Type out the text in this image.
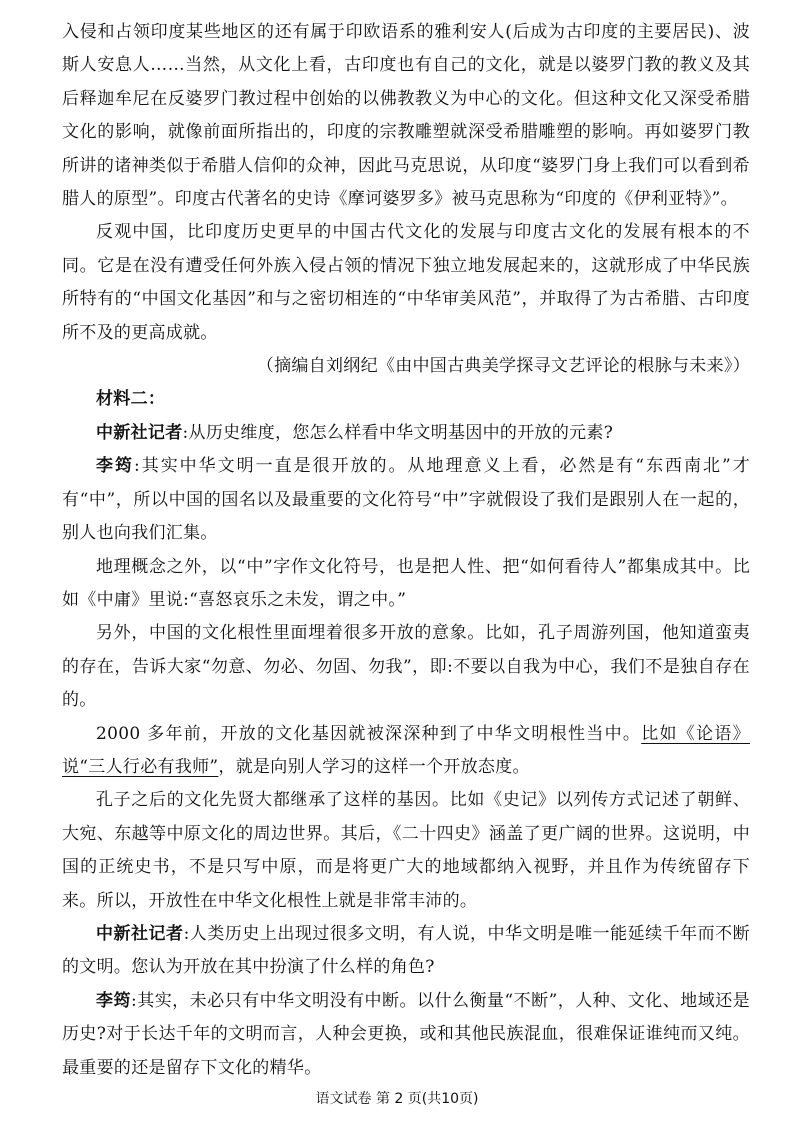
入侵和占领印度某些地区的还有属于印欧语系的雅利安人(后成为古印度的主要居民)、波斯人安息人……当然，从文化上看，古印度也有自己的文化，就是以婆罗门教的教义及其后释迦牟尼在反婆罗门教过程中创始的以佛教教义为中心的文化。但这种文化又深受希腊文化的影响，就像前面所指出的，印度的宗教雕塑就深受希腊雕塑的影响。再如婆罗门教所讲的诸神类似于希腊人信仰的众神，因此马克思说，从印度“婆罗门身上我们可以看到希腊人的原型”。印度古代著名的史诗《摩诃婆罗多》被马克思称为“印度的《伊利亚特》”。

反观中国，比印度历史更早的中国古代文化的发展与印度古文化的发展有根本的不同。它是在没有遭受任何外族入侵占领的情况下独立地发展起来的，这就形成了中华民族所特有的“中国文化基因”和与之密切相连的“中华审美风范”，并取得了为古希腊、古印度所不及的更高成就。

（摘编自刘纲纪《由中国古典美学探寻文艺评论的根脉与未来》）

材料二：

中新社记者:从历史维度，您怎么样看中华文明基因中的开放的元素?

李筠:其实中华文明一直是很开放的。从地理意义上看，必然是有“东西南北”才有“中”，所以中国的国名以及最重要的文化符号“中”字就假设了我们是跟别人在一起的，别人也向我们汇集。

地理概念之外，以“中”字作文化符号，也是把人性、把“如何看待人”都集成其中。比如《中庸》里说:“喜怒哀乐之未发，谓之中。”

另外，中国的文化根性里面埋着很多开放的意象。比如，孔子周游列国，他知道蛮夷的存在，告诉大家“勿意、勿必、勿固、勿我”，即:不要以自我为中心，我们不是独自存在的。

2000 多年前，开放的文化基因就被深深种到了中华文明根性当中。比如《论语》说“三人行必有我师”，就是向别人学习的这样一个开放态度。

孔子之后的文化先贤大都继承了这样的基因。比如《史记》以列传方式记述了朝鲜、大宛、东越等中原文化的周边世界。其后，《二十四史》涵盖了更广阔的世界。这说明，中国的正统史书，不是只写中原，而是将更广大的地域都纳入视野，并且作为传统留存下来。所以，开放性在中华文化根性上就是非常丰沛的。

中新社记者:人类历史上出现过很多文明，有人说，中华文明是唯一能延续千年而不断的文明。您认为开放在其中扮演了什么样的角色?

李筠:其实，未必只有中华文明没有中断。以什么衡量“不断”，人种、文化、地域还是历史?对于长达千年的文明而言，人种会更换，或和其他民族混血，很难保证谁纯而又纯。最重要的还是留存下文化的精华。

语文试卷 第 2 页(共10页)
